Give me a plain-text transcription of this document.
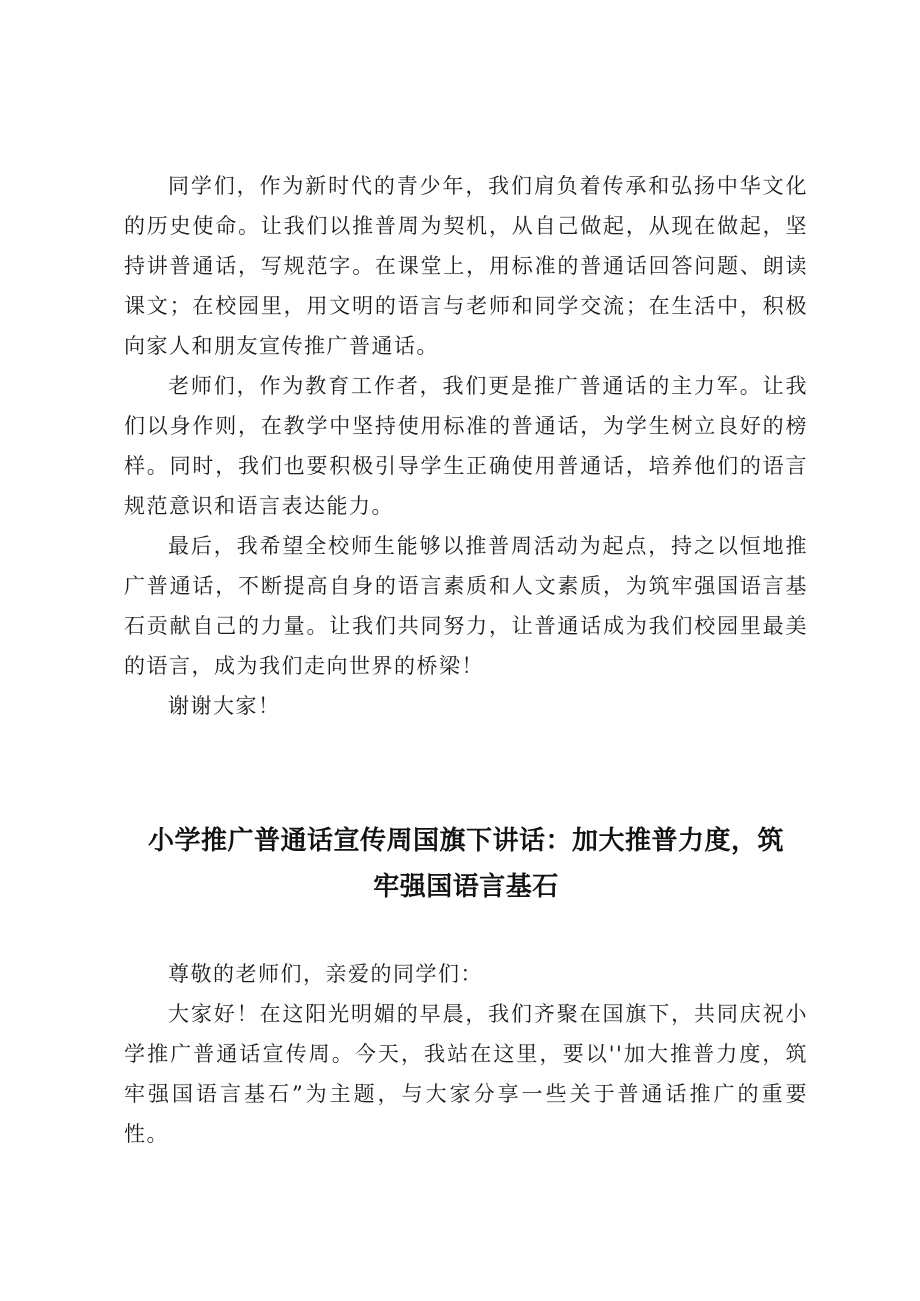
同学们，作为新时代的青少年，我们肩负着传承和弘扬中华文化的历史使命。让我们以推普周为契机，从自己做起，从现在做起，坚持讲普通话，写规范字。在课堂上，用标准的普通话回答问题、朗读课文；在校园里，用文明的语言与老师和同学交流；在生活中，积极向家人和朋友宣传推广普通话。

老师们，作为教育工作者，我们更是推广普通话的主力军。让我们以身作则，在教学中坚持使用标准的普通话，为学生树立良好的榜样。同时，我们也要积极引导学生正确使用普通话，培养他们的语言规范意识和语言表达能力。

最后，我希望全校师生能够以推普周活动为起点，持之以恒地推广普通话，不断提高自身的语言素质和人文素质，为筑牢强国语言基石贡献自己的力量。让我们共同努力，让普通话成为我们校园里最美的语言，成为我们走向世界的桥梁！

谢谢大家！

小学推广普通话宣传周国旗下讲话：加大推普力度，筑
牢强国语言基石

尊敬的老师们，亲爱的同学们：

大家好！在这阳光明媚的早晨，我们齐聚在国旗下，共同庆祝小学推广普通话宣传周。今天，我站在这里，要以''加大推普力度，筑牢强国语言基石”为主题，与大家分享一些关于普通话推广的重要性。
